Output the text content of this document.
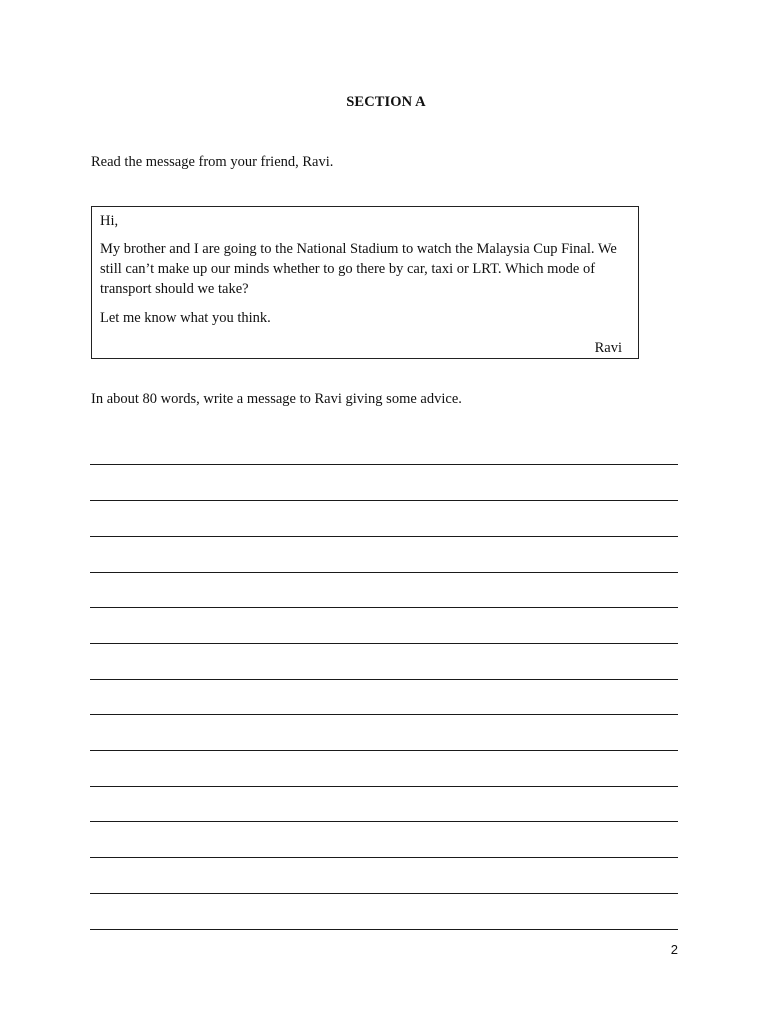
SECTION A
Read the message from your friend, Ravi.
Hi,
My brother and I are going to the National Stadium to watch the Malaysia Cup Final. We still can’t make up our minds whether to go there by car, taxi or LRT. Which mode of transport should we take?
Let me know what you think.
Ravi
In about 80 words, write a message to Ravi giving some advice.
2
